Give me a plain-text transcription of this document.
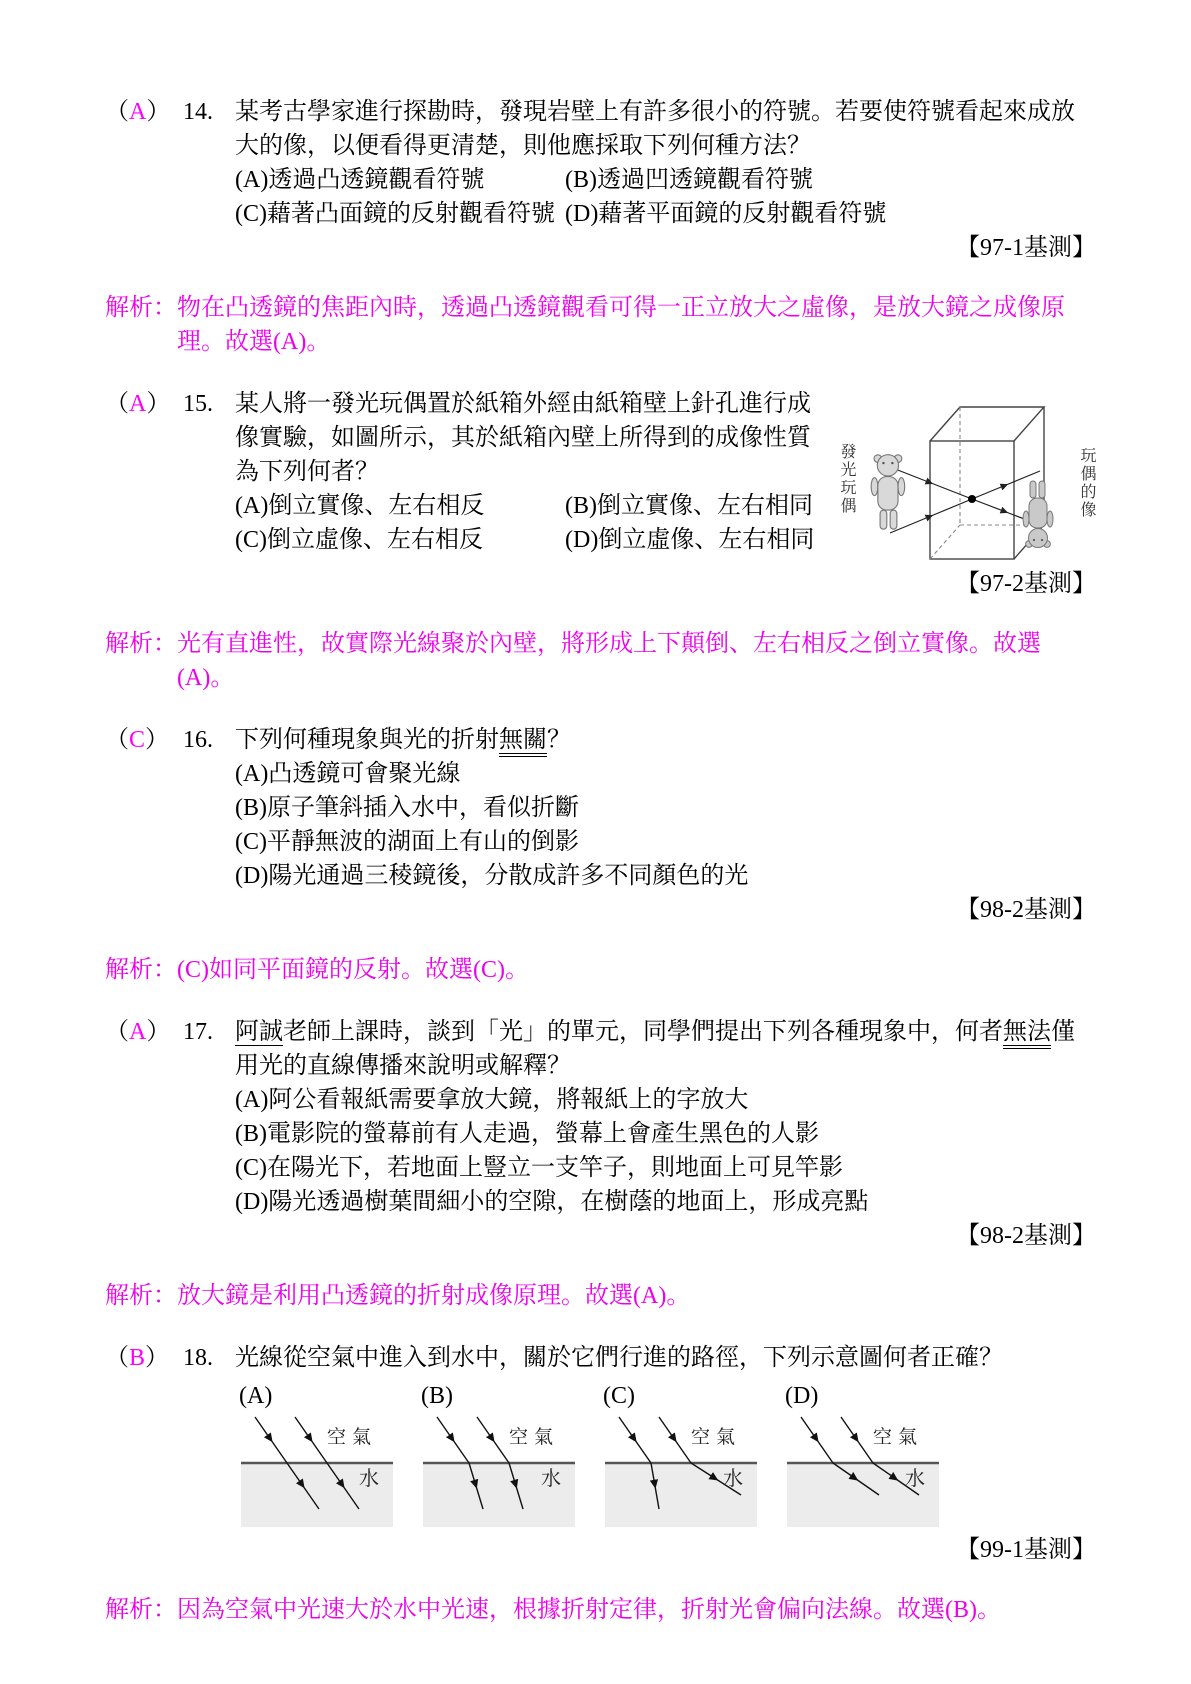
（A） 14. 某考古學家進行探勘時，發現岩壁上有許多很小的符號。若要使符號看起來成放大的像，以便看得更清楚，則他應採取下列何種方法？
(A)透過凸透鏡觀看符號	(B)透過凹透鏡觀看符號
(C)藉著凸面鏡的反射觀看符號 (D)藉著平面鏡的反射觀看符號
【97-1基測】
解析： 物在凸透鏡的焦距內時，透過凸透鏡觀看可得一正立放大之虛像，是放大鏡之成像原理。故選(A)。
（A） 15.
發光玩偶	玩偶的像
某人將一發光玩偶置於紙箱外經由紙箱壁上針孔進行成像實驗，如圖所示，其於紙箱內壁上所得到的成像性質為下列何者？
(A)倒立實像、左右相反	(B)倒立實像、左右相同
(C)倒立虛像、左右相反	(D)倒立虛像、左右相同
【97-2基測】
解析： 光有直進性，故實際光線聚於內壁，將形成上下顛倒、左右相反之倒立實像。故選(A)。
（C） 16. 下列何種現象與光的折射無關？
(A)凸透鏡可會聚光線
(B)原子筆斜插入水中，看似折斷
(C)平靜無波的湖面上有山的倒影
(D)陽光通過三稜鏡後，分散成許多不同顏色的光
【98-2基測】
解析： (C)如同平面鏡的反射。故選(C)。
（A） 17. 阿誠老師上課時，談到「光」的單元，同學們提出下列各種現象中，何者無法僅用光的直線傳播來說明或解釋？
(A)阿公看報紙需要拿放大鏡，將報紙上的字放大
(B)電影院的螢幕前有人走過，螢幕上會產生黑色的人影
(C)在陽光下，若地面上豎立一支竿子，則地面上可見竿影
(D)陽光透過樹葉間細小的空隙，在樹蔭的地面上，形成亮點
【98-2基測】
解析： 放大鏡是利用凸透鏡的折射成像原理。故選(A)。
（B） 18. 光線從空氣中進入到水中，關於它們行進的路徑，下列示意圖何者正確？
(A)
空氣
水
(B)
空氣
水
(C)
空氣
水
(D)
空氣
水
【99-1基測】
解析： 因為空氣中光速大於水中光速，根據折射定律，折射光會偏向法線。故選(B)。
